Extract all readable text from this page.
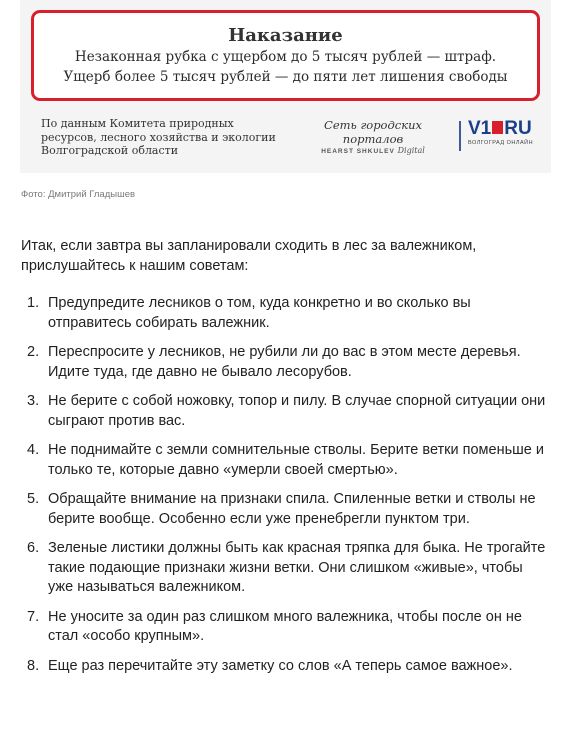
Наказание
Незаконная рубка с ущербом до 5 тысяч рублей — штраф.
Ущерб более 5 тысяч рублей — до пяти лет лишения свободы
По данным Комитета природных
ресурсов, лесного хозяйства и экологии
Волгоградской области
Сеть городских порталов
HEARST SHKULEV Digital
V1 RU
ВОЛГОГРАД ОНЛАЙН
Фото: Дмитрий Гладышев

Итак, если завтра вы запланировали сходить в лес за валежником, прислушайтесь к нашим советам:

1. Предупредите лесников о том, куда конкретно и во сколько вы отправитесь собирать валежник.
2. Переспросите у лесников, не рубили ли до вас в этом месте деревья. Идите туда, где давно не бывало лесорубов.
3. Не берите с собой ножовку, топор и пилу. В случае спорной ситуации они сыграют против вас.
4. Не поднимайте с земли сомнительные стволы. Берите ветки поменьше и только те, которые давно «умерли своей смертью».
5. Обращайте внимание на признаки спила. Спиленные ветки и стволы не берите вообще. Особенно если уже пренебрегли пунктом три.
6. Зеленые листики должны быть как красная тряпка для быка. Не трогайте такие подающие признаки жизни ветки. Они слишком «живые», чтобы уже называться валежником.
7. Не уносите за один раз слишком много валежника, чтобы после он не стал «особо крупным».
8. Еще раз перечитайте эту заметку со слов «А теперь самое важное».
